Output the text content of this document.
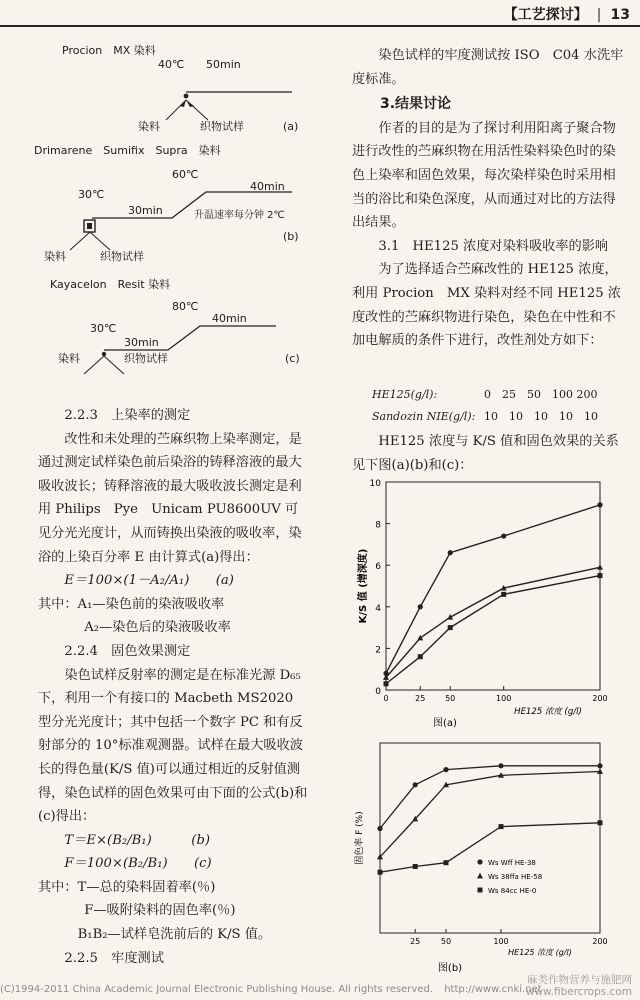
【工艺探讨】 | 13
Procion　MX 染料
40℃ 50min
染料	织物试样	(a)
Drimarene　Sumifix　Supra　染料
60℃
30℃
40min
30min	升温速率每分钟 2℃
染料	织物试样
(b)
Kayacelon　Resit 染料
80℃
30℃
40min
30min
染料	织物试样	(c)

2.2.3　上染率的测定

改性和未处理的苎麻织物上染率测定，是通过测定试样染色前后染浴的铸释溶液的最大吸收波长；铸释溶液的最大吸收波长测定是利用 Philips　Pye　Unicam PU8600UV 可见分光光度计，从而铸换出染液的吸收率，染浴的上染百分率 E 由计算式(a)得出：

E＝100×(1－A₂/A₁)　　(a)

其中：A₁—染色前的染液吸收率

A₂—染色后的染液吸收率

2.2.4　固色效果测定

染色试样反射率的测定是在标准光源 D₆₅ 下，利用一个有接口的 Macbeth MS2020 型分光光度计；其中包括一个数字 PC 和有反射部分的 10°标准观测器。试样在最大吸收波长的得色量(K/S 值)可以通过相近的反射值测得，染色试样的固色效果可由下面的公式(b)和(c)得出：

T＝E×(B₂/B₁)　　　(b)

F＝100×(B₂/B₁)　　(c)

其中：T—总的染料固着率(％)

F—吸附染料的固色率(％)

B₁B₂—试样皂洗前后的 K/S 值。

2.2.5　牢度测试

染色试样的牢度测试按 ISO　C04 水洗牢度标准。

3.结果讨论

作者的目的是为了探讨利用阳离子聚合物进行改性的苎麻织物在用活性染料染色时的染色上染率和固色效果，每次染样染色时采用相当的浴比和染色深度，从而通过对比的方法得出结果。

3.1　HE125 浓度对染料吸收率的影响

为了选择适合苎麻改性的 HE125 浓度，利用 Procion　MX 染料对经不同 HE125 浓度改性的苎麻织物进行染色，染色在中性和不加电解质的条件下进行，改性剂处方如下：

HE125(g/l):	0　25　50　100 200
Sandozin NIE(g/l): 10　10　10　10　10

HE125 浓度与 K/S 值和固色效果的关系见下图(a)(b)和(c)：

0
2
4
6
8
10
0	25 50	100	200
HE125 浓度 (g/l)
K/S 值 (增深度)
图(a)
25	50	100	200
HE125 浓度 (g/l)
固色率 F (%)
图(b)
Ws Wff HE-38
Ws 38ffa HE-58
Ws 84cc HE-0
(C)1994-2011 China Academic Journal Electronic Publishing House. All rights reserved. http://www.cnki.net
麻类作物营养与施肥网
www.fibercrops.com
